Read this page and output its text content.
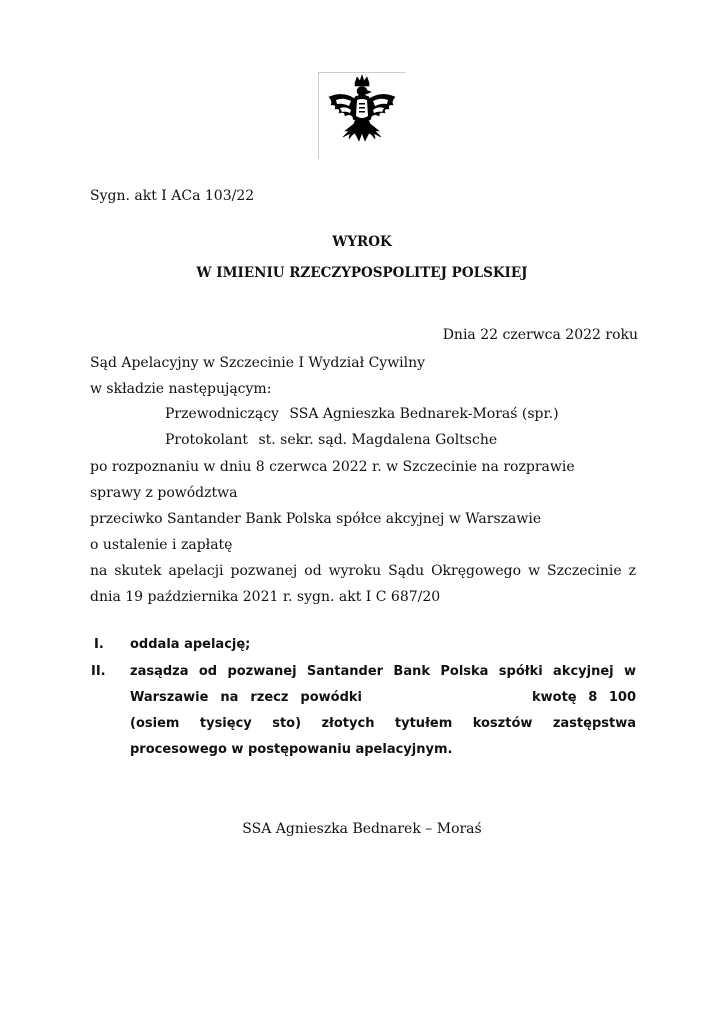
Sygn. akt I ACa 103/22
WYROK
W IMIENIU RZECZYPOSPOLITEJ POLSKIEJ
Dnia 22 czerwca 2022 roku
Sąd Apelacyjny w Szczecinie I Wydział Cywilny
w składzie następującym:
Przewodniczący SSA Agnieszka Bednarek-Moraś (spr.)
Protokolant st. sekr. sąd. Magdalena Goltsche
po rozpoznaniu w dniu 8 czerwca 2022 r. w Szczecinie na rozprawie
sprawy z powództwa
przeciwko Santander Bank Polska spółce akcyjnej w Warszawie
o ustalenie i zapłatę
na skutek apelacji pozwanej od wyroku Sądu Okręgowego w Szczecinie z
dnia 19 października 2021 r. sygn. akt I C 687/20
I. oddala apelację;
II. zasądza od pozwanej Santander Bank Polska spółki akcyjnej w
Warszawie na rzecz powódki	kwotę 8 100
(osiem tysięcy sto) złotych tytułem kosztów zastępstwa
procesowego w postępowaniu apelacyjnym.
SSA Agnieszka Bednarek – Moraś
